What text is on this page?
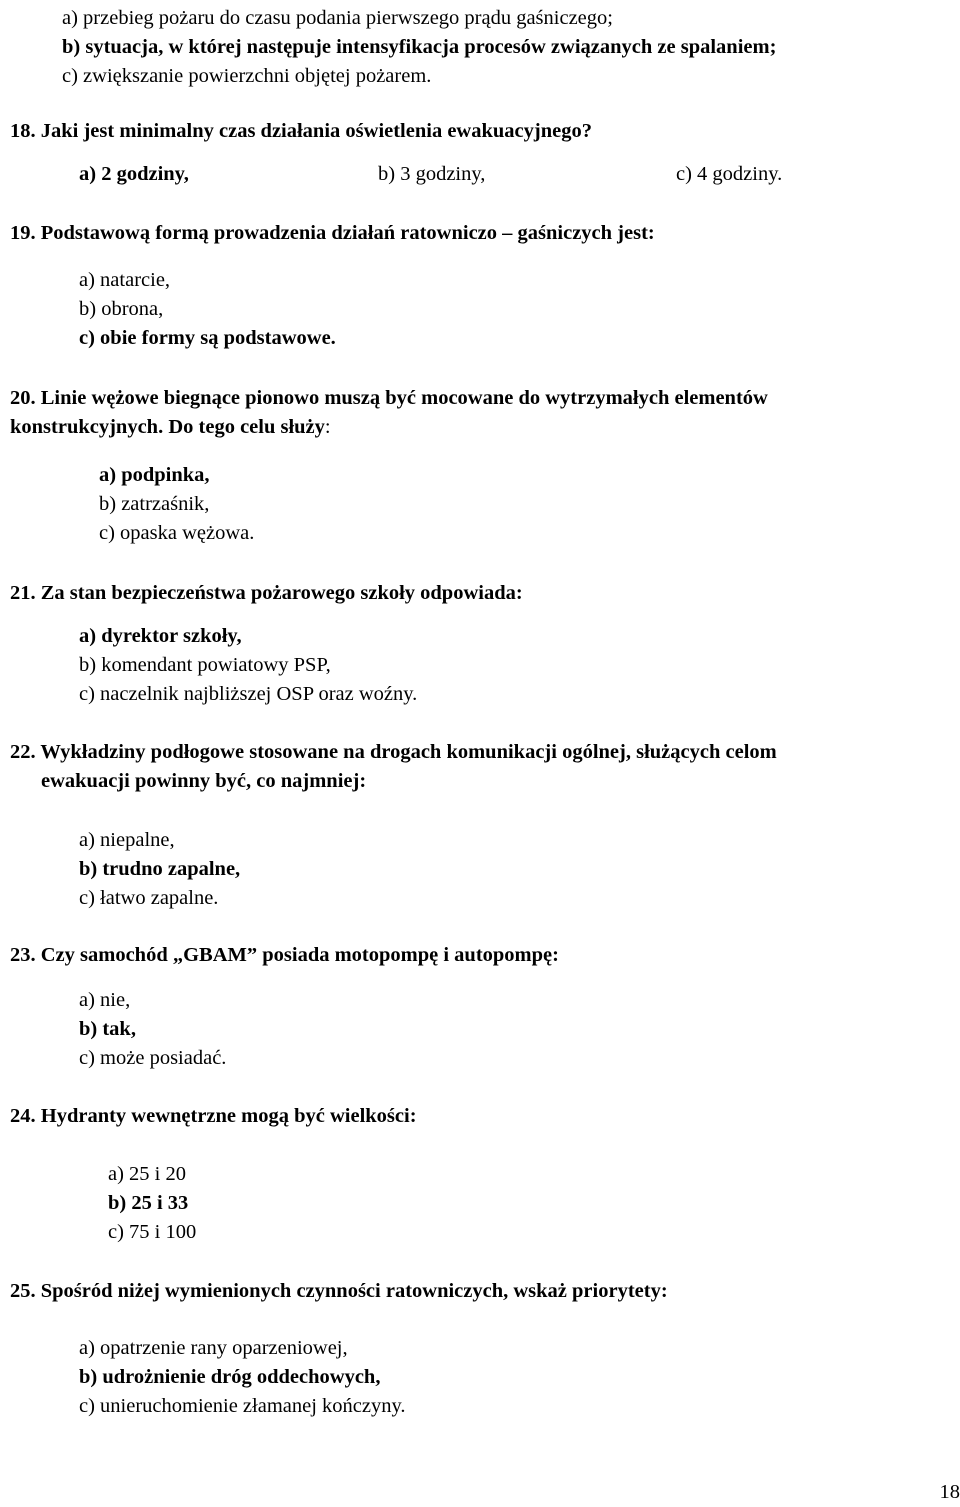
a) przebieg pożaru do czasu podania pierwszego prądu gaśniczego;
b) sytuacja, w której następuje intensyfikacja procesów związanych ze spalaniem;
c) zwiększanie powierzchni objętej pożarem.
18. Jaki jest minimalny czas działania oświetlenia ewakuacyjnego?
a) 2 godziny,	b) 3 godziny,	c) 4 godziny.
19. Podstawową formą prowadzenia działań ratowniczo – gaśniczych jest:
a) natarcie,
b) obrona,
c) obie formy są podstawowe.
20. Linie wężowe biegnące pionowo muszą być mocowane do wytrzymałych elementów
konstrukcyjnych. Do tego celu służy:
a) podpinka,
b) zatrzaśnik,
c) opaska wężowa.
21. Za stan bezpieczeństwa pożarowego szkoły odpowiada:
a) dyrektor szkoły,
b) komendant powiatowy PSP,
c) naczelnik najbliższej OSP oraz woźny.
22. Wykładziny podłogowe stosowane na drogach komunikacji ogólnej, służących celom
ewakuacji powinny być, co najmniej:
a) niepalne,
b) trudno zapalne,
c) łatwo zapalne.
23. Czy samochód „GBAM” posiada motopompę i autopompę:
a) nie,
b) tak,
c) może posiadać.
24. Hydranty wewnętrzne mogą być wielkości:
a) 25 i 20
b) 25 i 33
c) 75 i 100
25. Spośród niżej wymienionych czynności ratowniczych, wskaż priorytety:
a) opatrzenie rany oparzeniowej,
b) udrożnienie dróg oddechowych,
c) unieruchomienie złamanej kończyny.
18
